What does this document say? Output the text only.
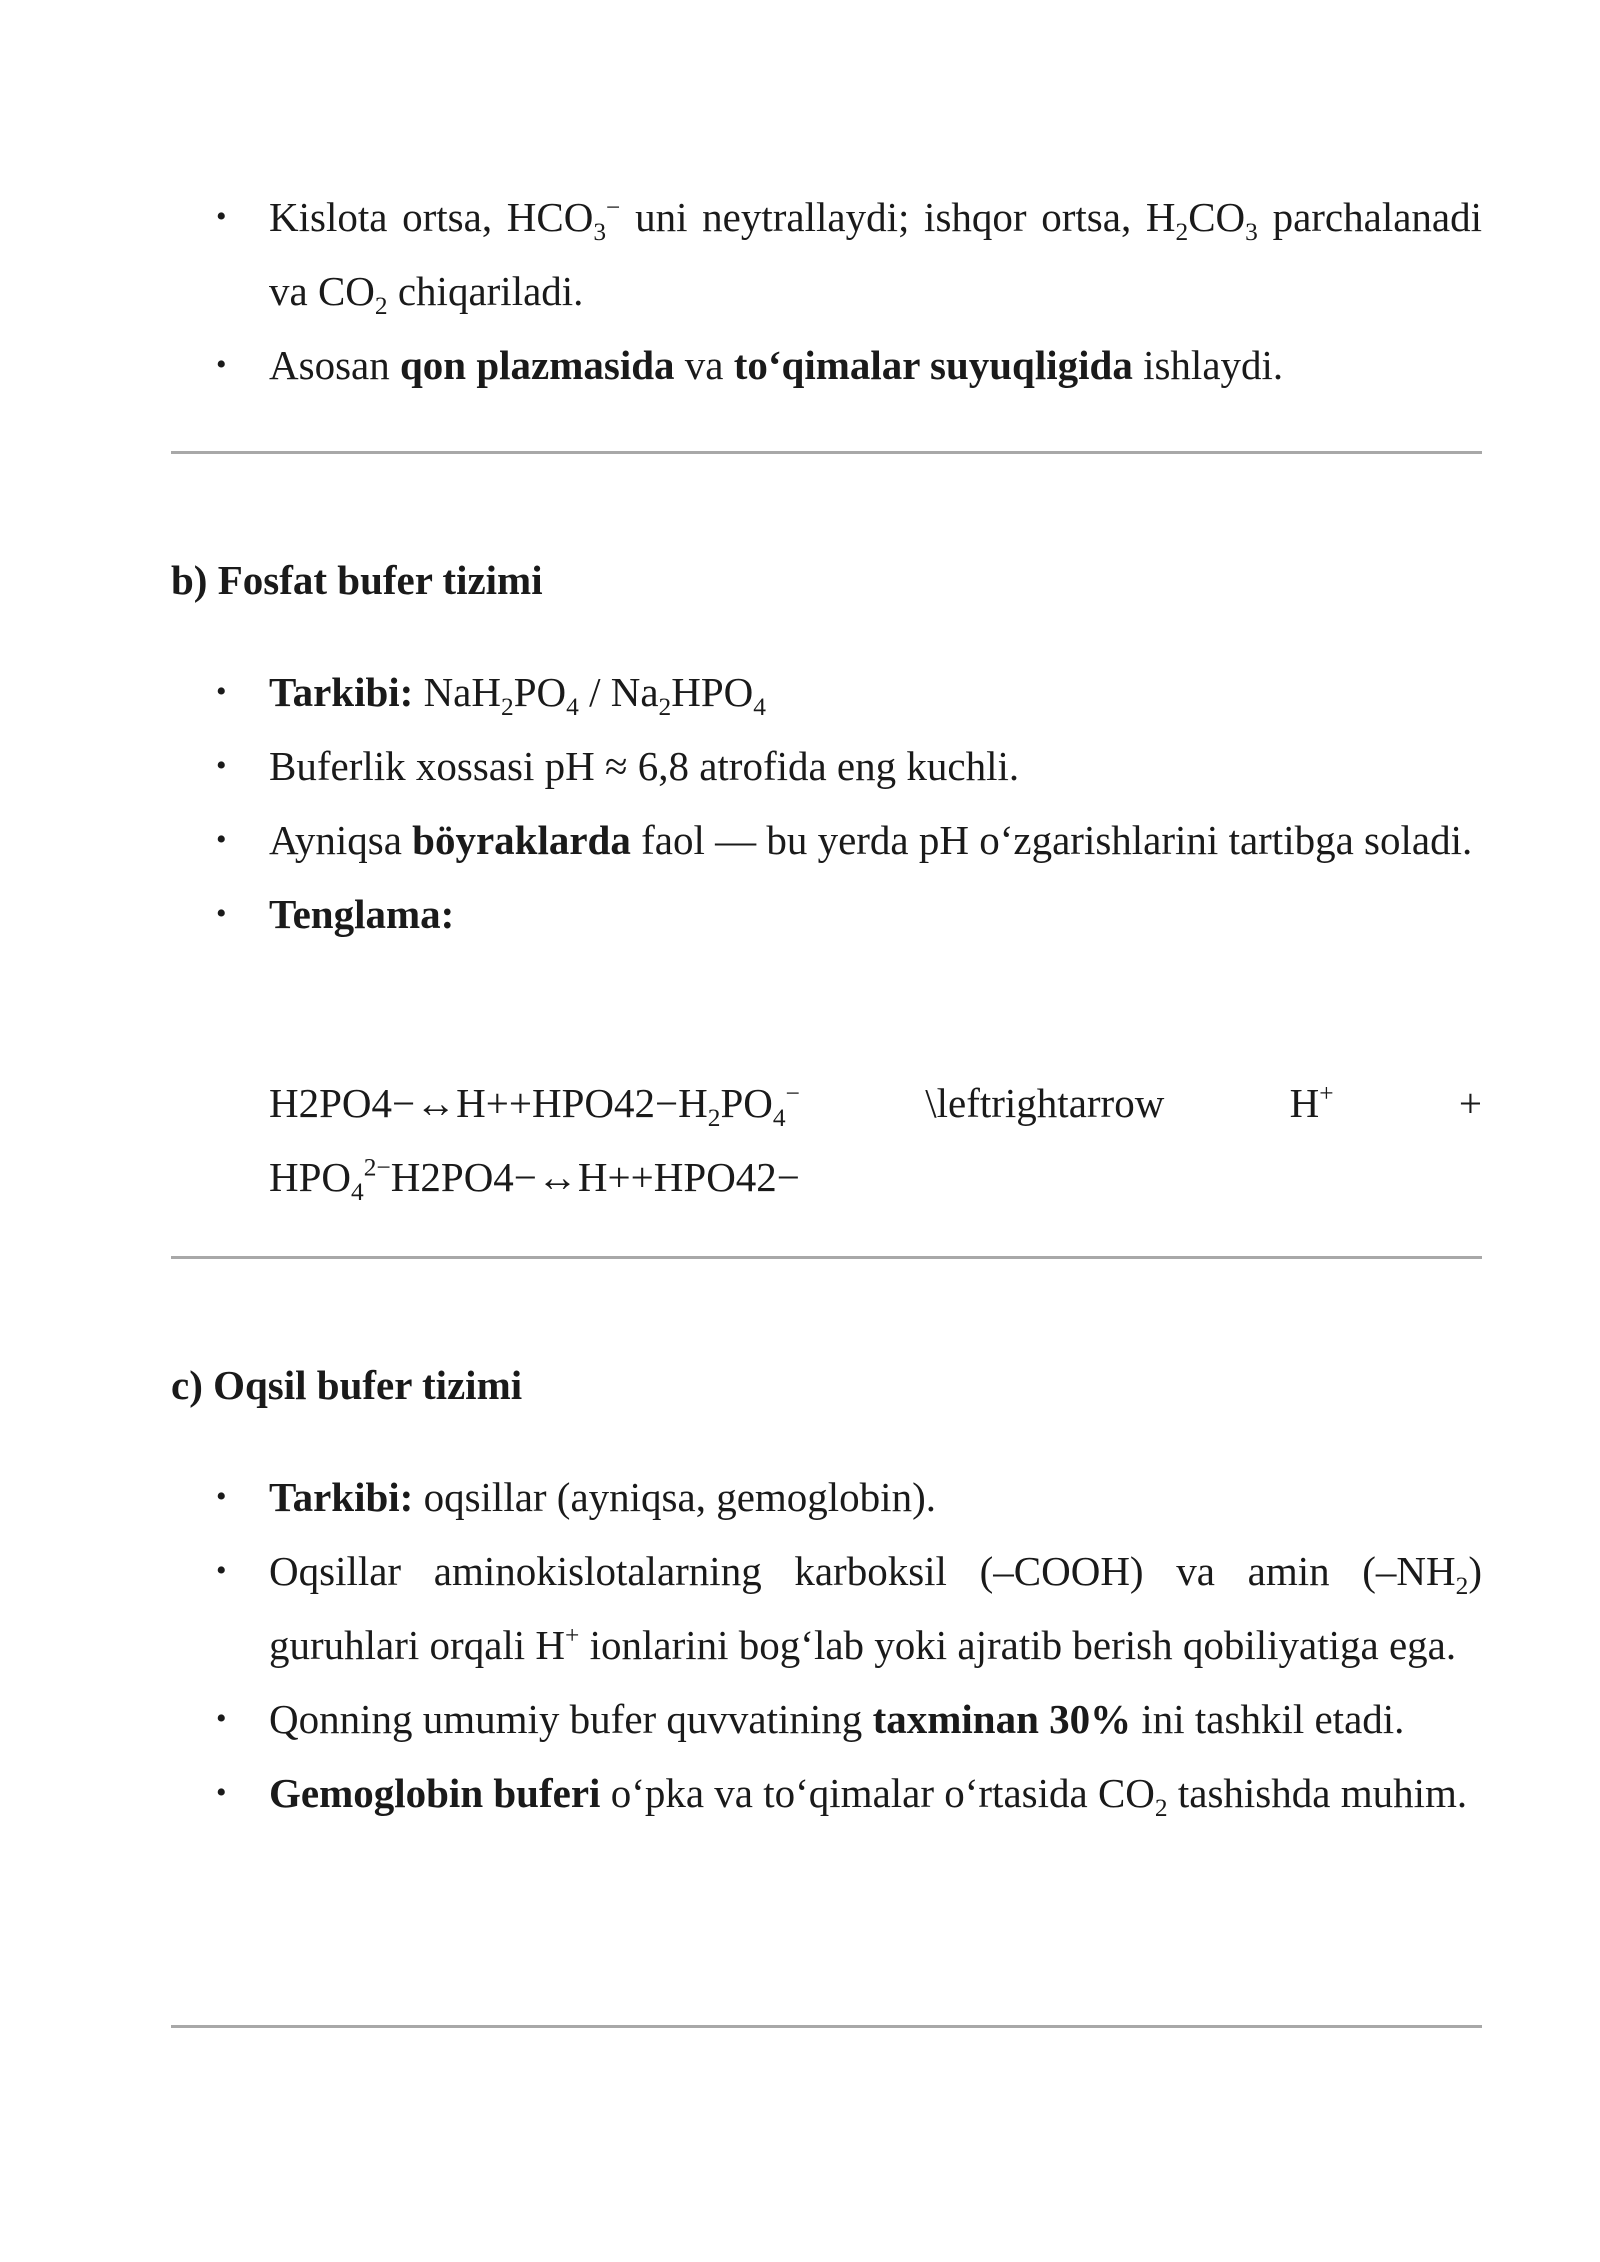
• Kislota ortsa, $HCO_3^-$ uni neytrallaydi; ishqor ortsa, $H_2CO_3$ parchalanadi va $CO_2$ chiqariladi.
• Asosan qon plazmasida va to‘qimalar suyuqligida ishlaydi.
b) Fosfat bufer tizimi
• Tarkibi: $NaH_2PO_4 / Na_2HPO_4$
• Buferlik xossasi pH ≈ 6,8 atrofida eng kuchli.
• Ayniqsa böyraklarda faol — bu yerda pH o‘zgarishlarini tartibga soladi.
• Tenglama:
$H2PO4-\leftrightarrow H++HPO42-H_2PO_4^-$ \leftrightarrow $H^+ + HPO_4^{2-}H2PO4-\leftrightarrow H++HPO42-$
c) Oqsil bufer tizimi
• Tarkibi: oqsillar (ayniqsa, gemoglobin).
• Oqsillar aminokislotalarning karboksil (–COOH) va amin $(-NH_2)$ guruhlari orqali H+ ionlarini bog‘lab yoki ajratib berish qobiliyatiga ega.
• Qonning umumiy bufer quvvatining taxminan 30% ini tashkil etadi.
• Gemoglobin buferi o‘pka va to‘qimalar o‘rtasida $CO_2$ tashishda muhim.
